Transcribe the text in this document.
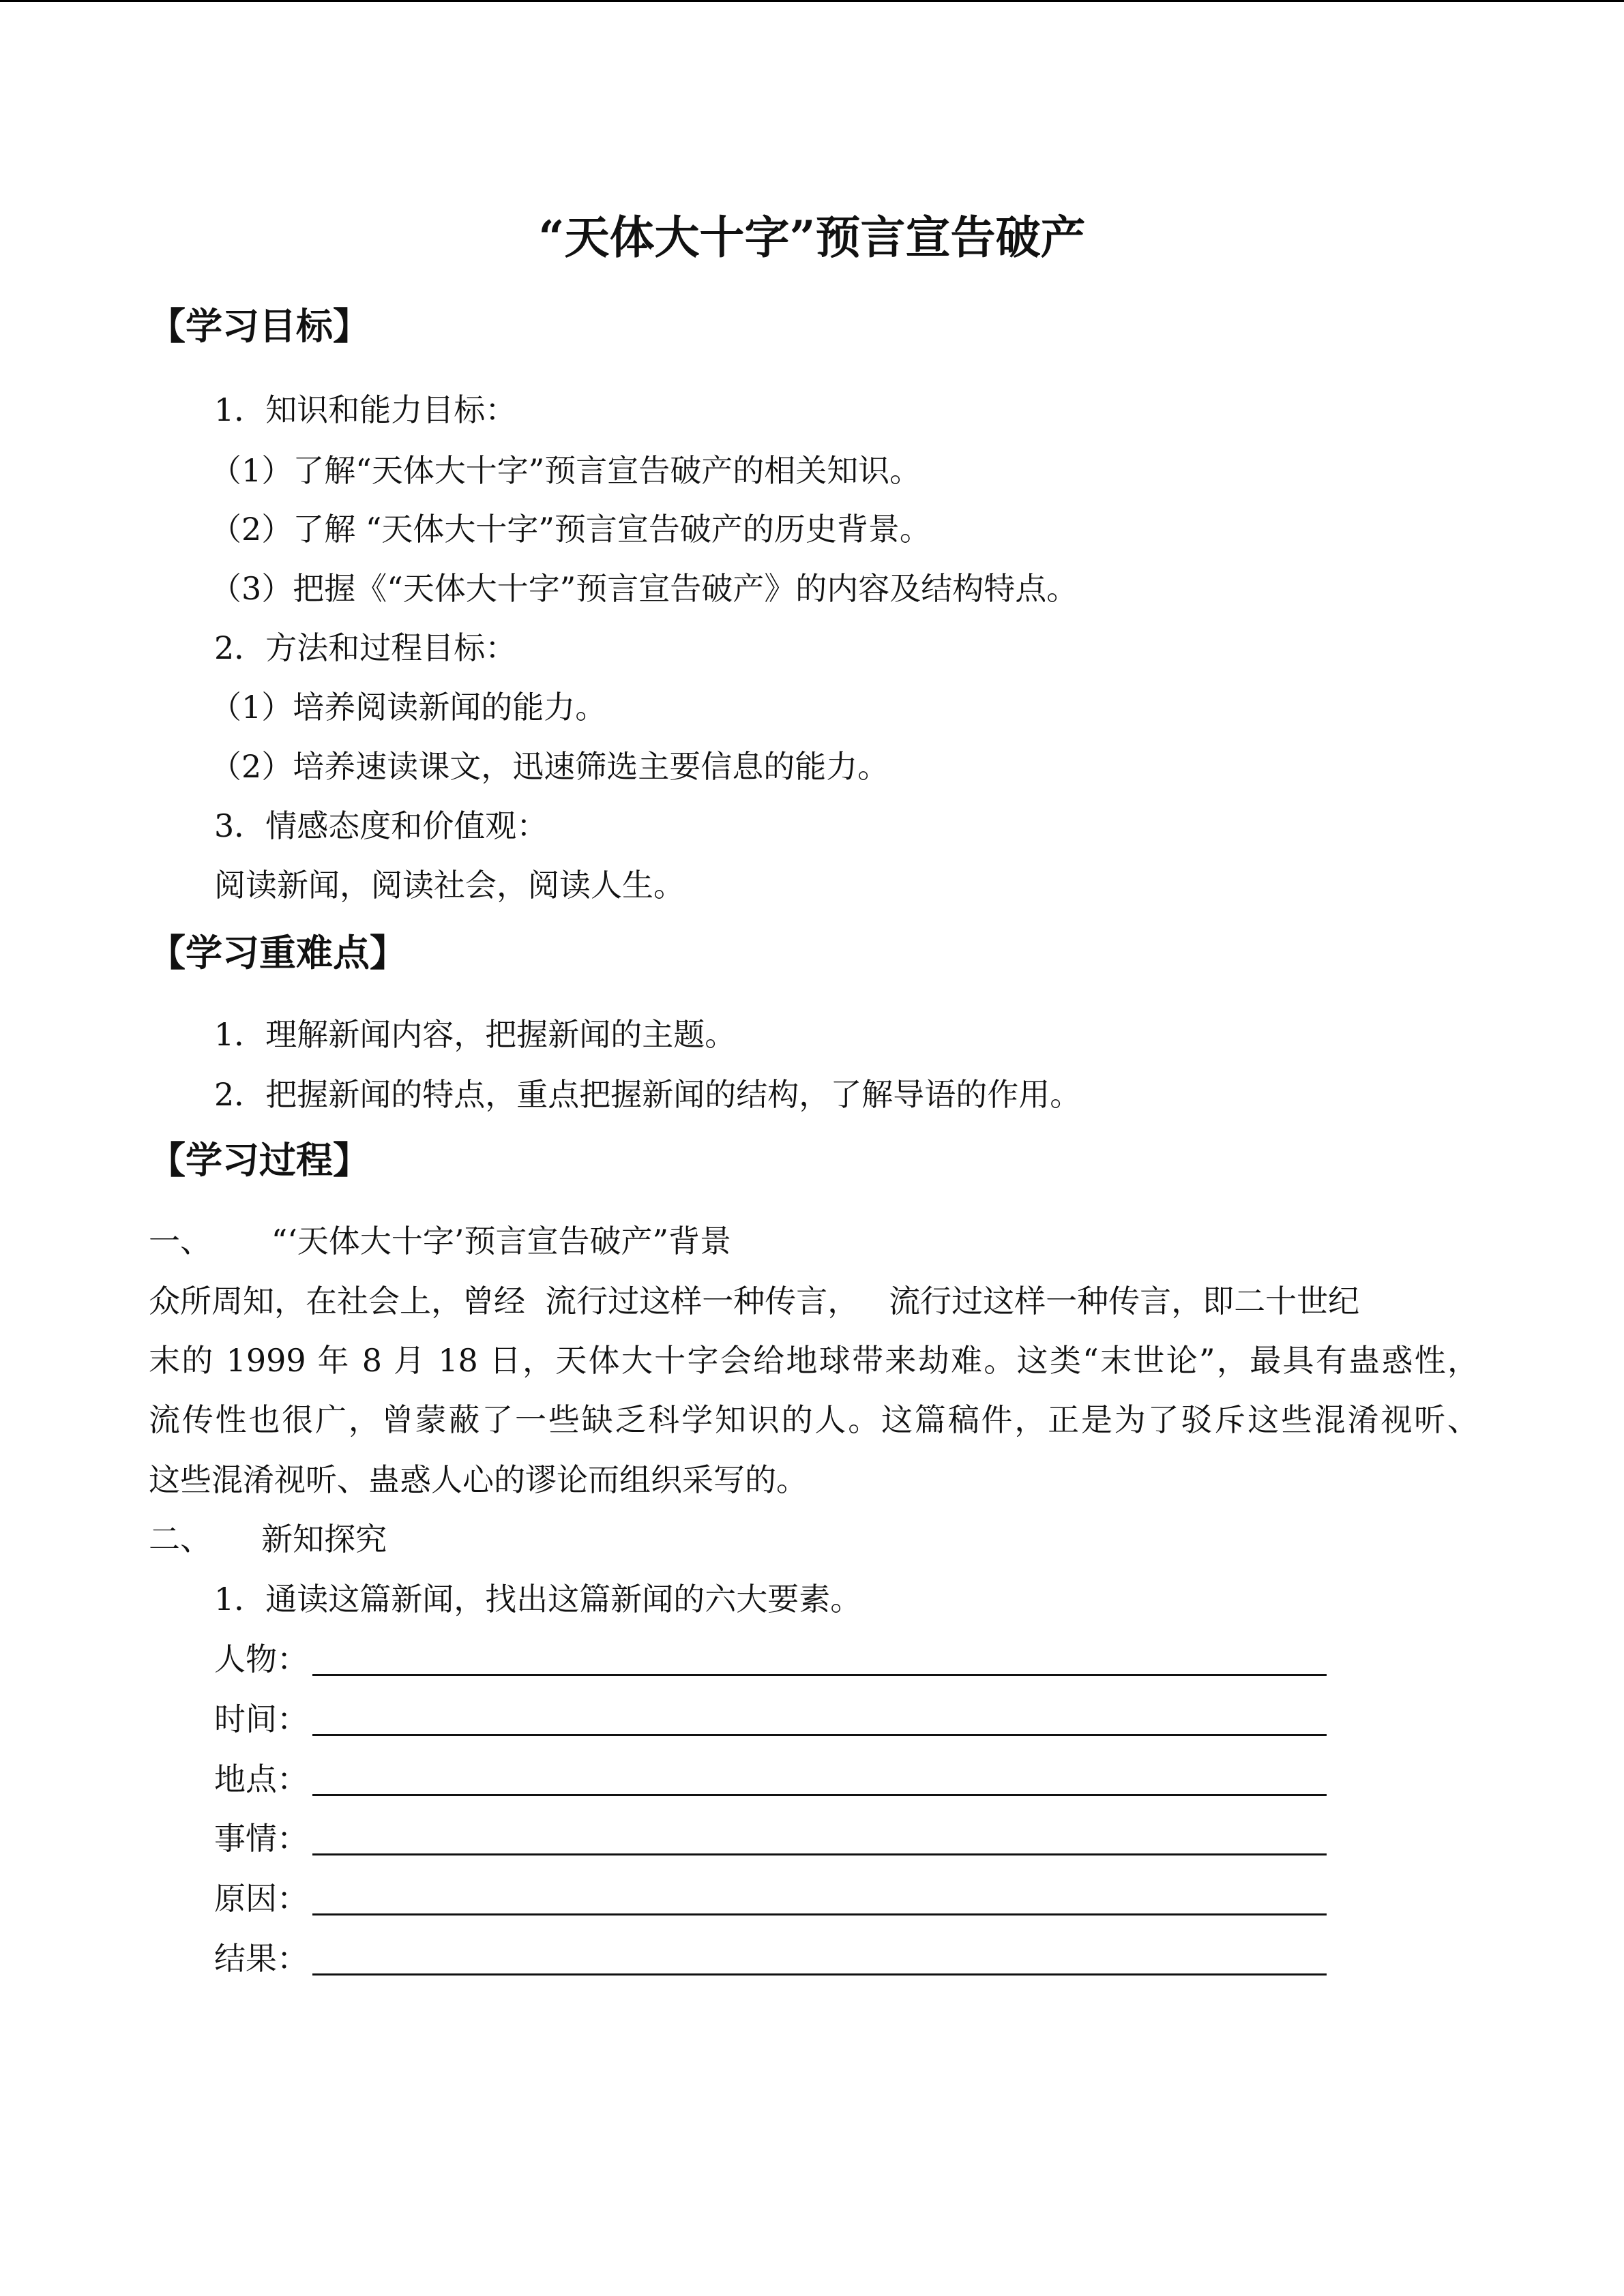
“天体大十字”预言宣告破产
【学习目标】
1．知识和能力目标：
（1）了解“天体大十字”预言宣告破产的相关知识。
（2）了解 “天体大十字”预言宣告破产的历史背景。
（3）把握《“天体大十字”预言宣告破产》的内容及结构特点。
2．方法和过程目标：
（1）培养阅读新闻的能力。
（2）培养速读课文，迅速筛选主要信息的能力。
3．情感态度和价值观：
阅读新闻，阅读社会，阅读人生。
【学习重难点】
1．理解新闻内容，把握新闻的主题。
2．把握新闻的特点，重点把握新闻的结构，了解导语的作用。
【学习过程】
一、      “‘天体大十字’预言宣告破产”背景
众所周知，在社会上，曾经  流行过这样一种传言，   流行过这样一种传言，即二十世纪
末的 1999 年 8 月 18 日，天体大十字会给地球带来劫难。这类“末世论”，最具有蛊惑性，
流传性也很广，曾蒙蔽了一些缺乏科学知识的人。这篇稿件，正是为了驳斥这些混淆视听、
这些混淆视听、蛊惑人心的谬论而组织采写的。
二、     新知探究
1．通读这篇新闻，找出这篇新闻的六大要素。
人物：
时间：
地点：
事情：
原因：
结果：
